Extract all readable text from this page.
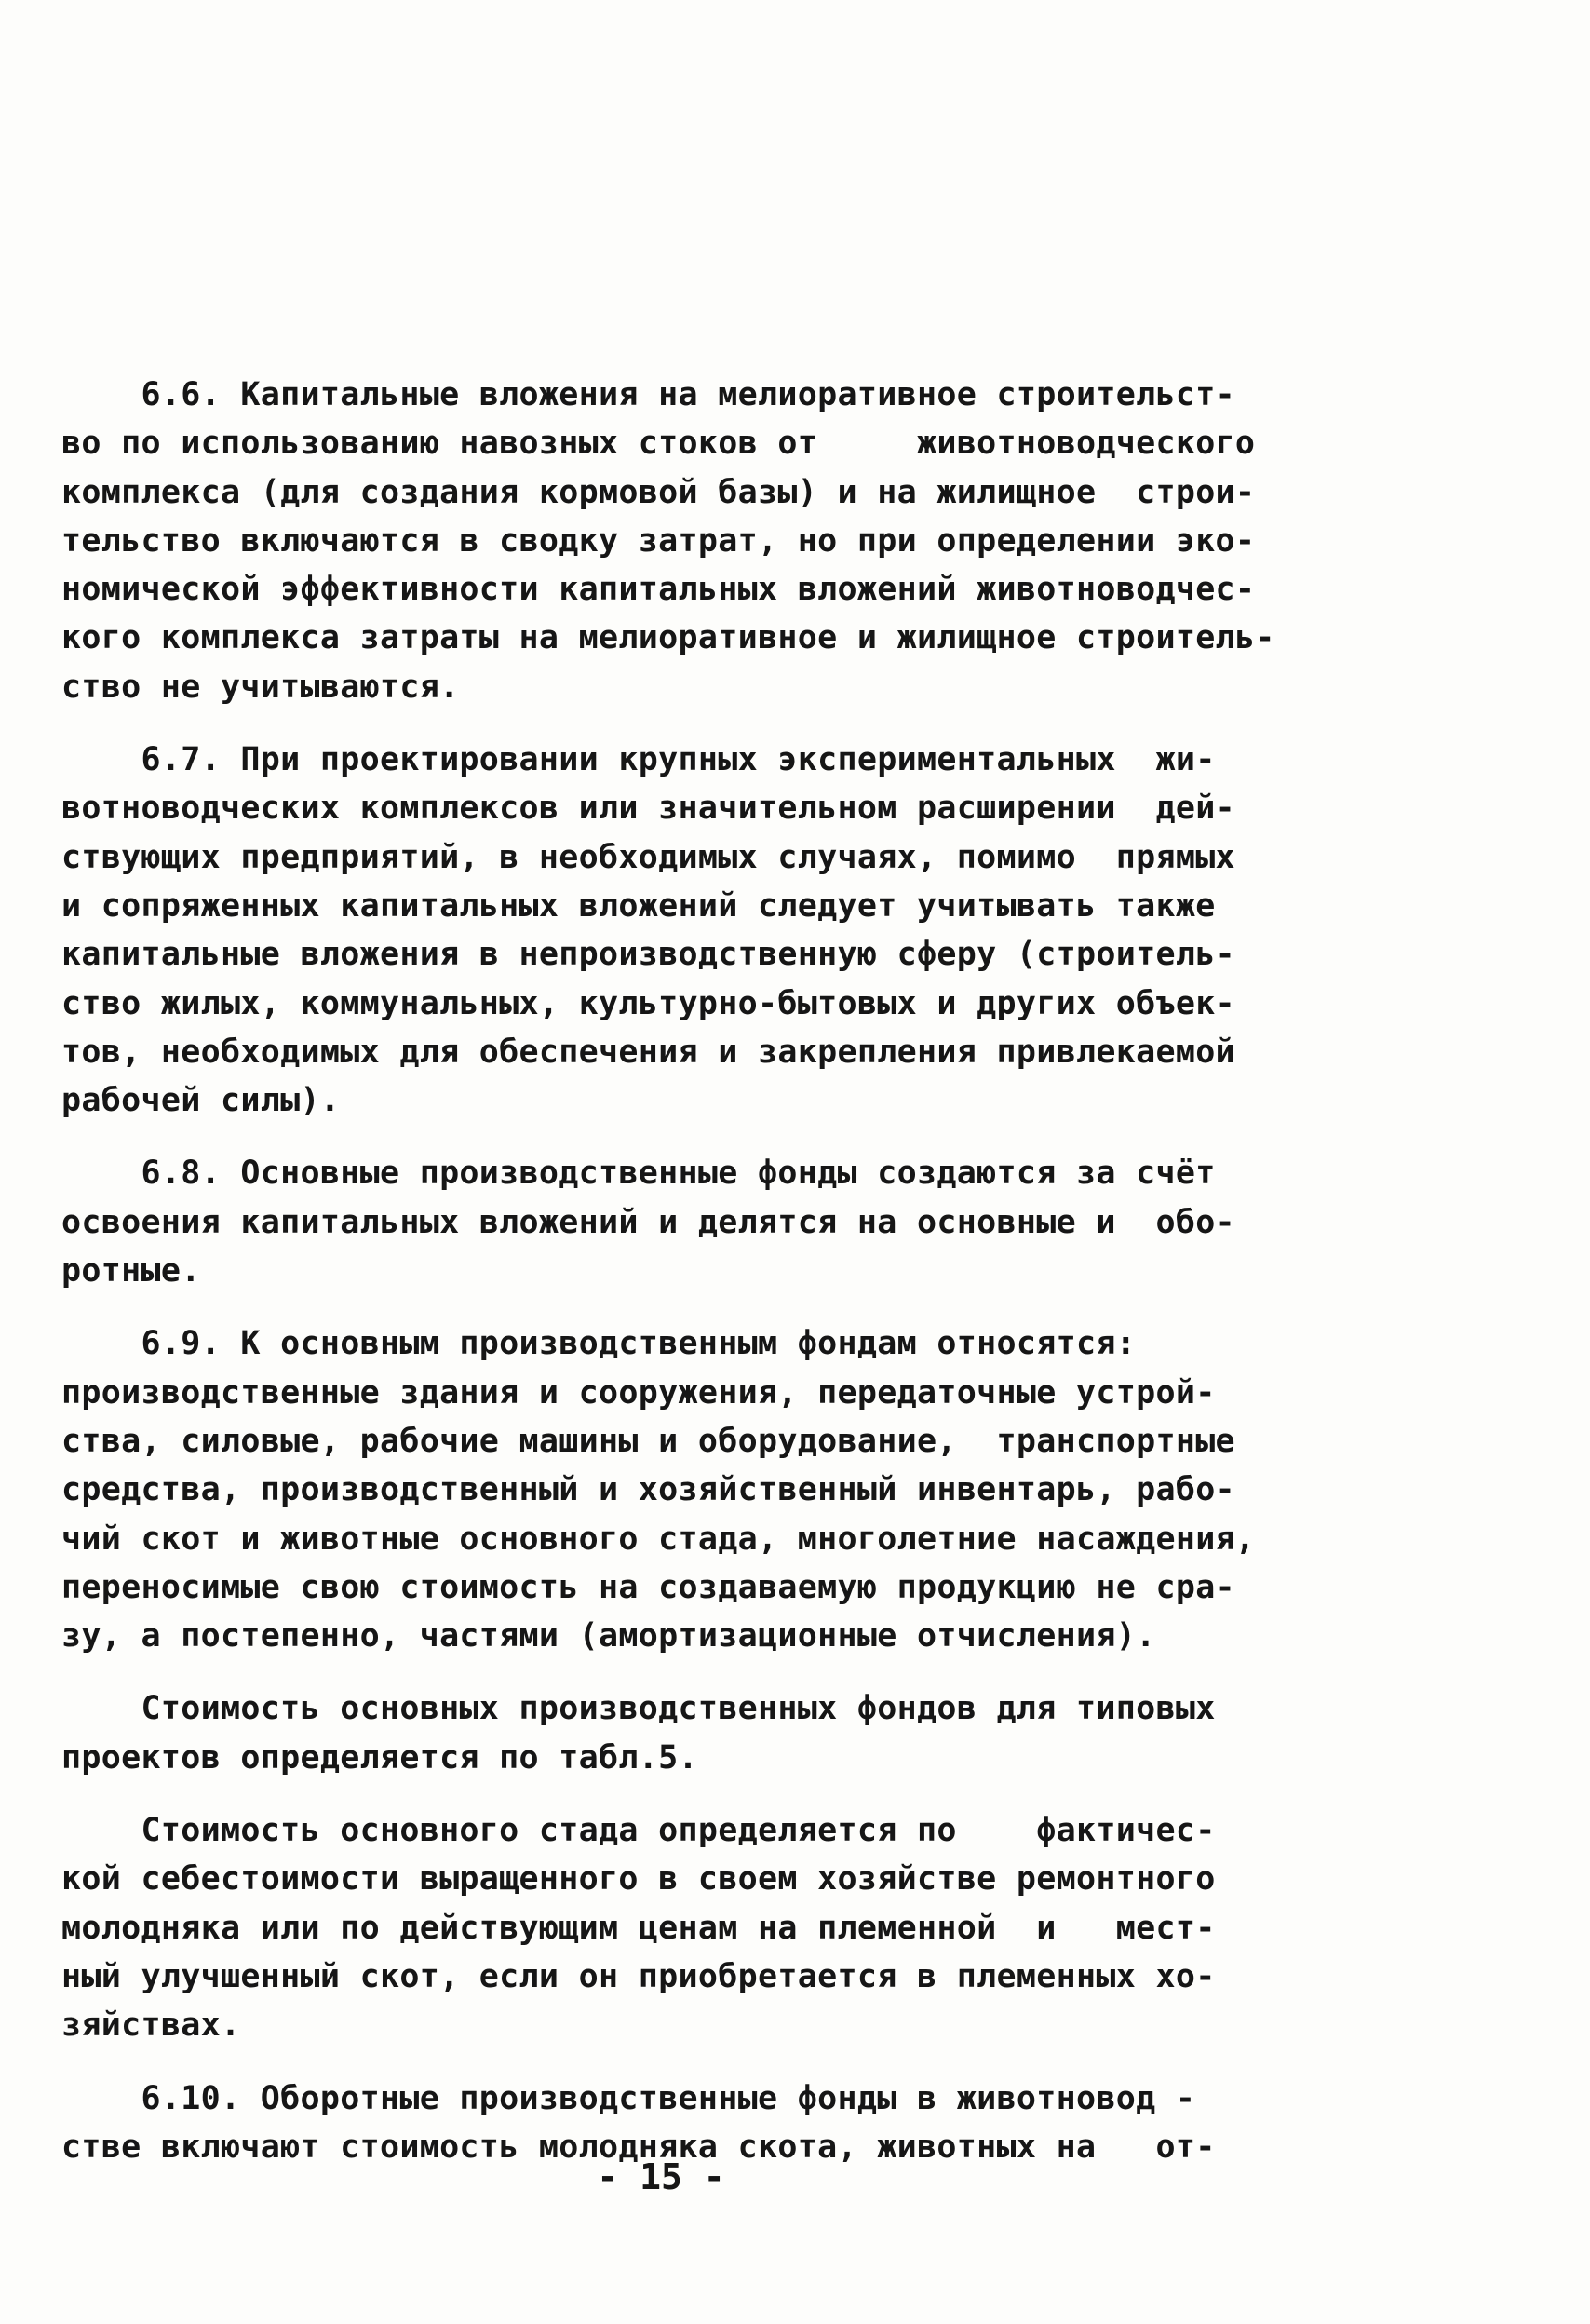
6.6. Капитальные вложения на мелиоративное строительст-
во по использованию навозных стоков от     животноводческого
комплекса (для создания кормовой базы) и на жилищное  строи-
тельство включаются в сводку затрат, но при определении эко-
номической эффективности капитальных вложений животноводчес-
кого комплекса затраты на мелиоративное и жилищное строитель-
ство не учитываются.
6.7. При проектировании крупных экспериментальных  жи-
вотноводческих комплексов или значительном расширении  дей-
ствующих предприятий, в необходимых случаях, помимо  прямых
и сопряженных капитальных вложений следует учитывать также
капитальные вложения в непроизводственную сферу (строитель-
ство жилых, коммунальных, культурно-бытовых и других объек-
тов, необходимых для обеспечения и закрепления привлекаемой
рабочей силы).
6.8. Основные производственные фонды создаются за счёт
освоения капитальных вложений и делятся на основные и  обо-
ротные.
6.9. К основным производственным фондам относятся:
производственные здания и сооружения, передаточные устрой-
ства, силовые, рабочие машины и оборудование,  транспортные
средства, производственный и хозяйственный инвентарь, рабо-
чий скот и животные основного стада, многолетние насаждения,
переносимые свою стоимость на создаваемую продукцию не сра-
зу, а постепенно, частями (амортизационные отчисления).
Стоимость основных производственных фондов для типовых
проектов определяется по табл.5.
Стоимость основного стада определяется по    фактичес-
кой себестоимости выращенного в своем хозяйстве ремонтного
молодняка или по действующим ценам на племенной  и   мест-
ный улучшенный скот, если он приобретается в племенных хо-
зяйствах.
6.10. Оборотные производственные фонды в животновод -
стве включают стоимость молодняка скота, животных на   от-
- 15 -
